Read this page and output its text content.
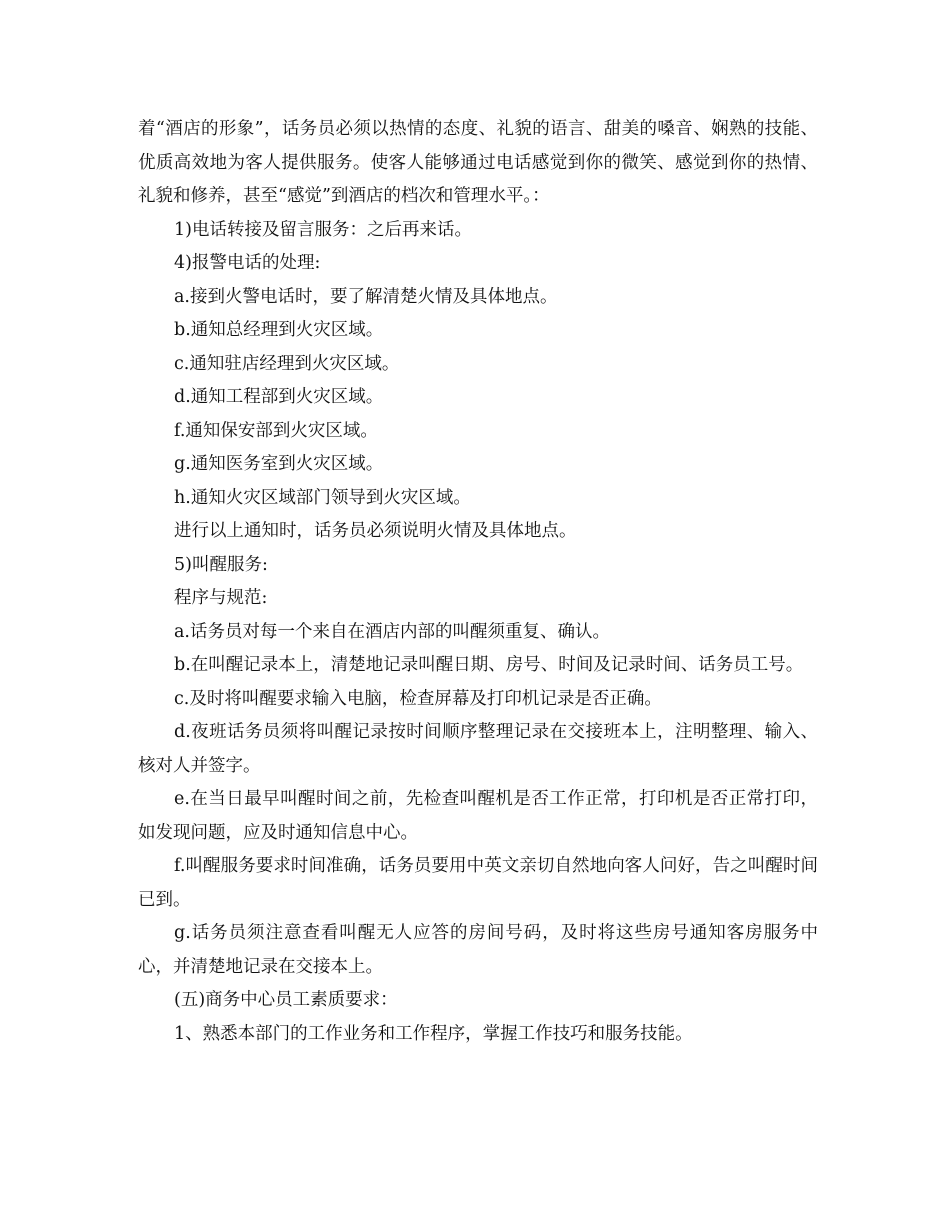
着“酒店的形象”，话务员必须以热情的态度、礼貌的语言、甜美的嗓音、娴熟的技能、优质高效地为客人提供服务。使客人能够通过电话感觉到你的微笑、感觉到你的热情、礼貌和修养，甚至“感觉”到酒店的档次和管理水平。：

1)电话转接及留言服务：之后再来话。

4)报警电话的处理:

a.接到火警电话时，要了解清楚火情及具体地点。

b.通知总经理到火灾区域。

c.通知驻店经理到火灾区域。

d.通知工程部到火灾区域。

f.通知保安部到火灾区域。

g.通知医务室到火灾区域。

h.通知火灾区域部门领导到火灾区域。

进行以上通知时，话务员必须说明火情及具体地点。

5)叫醒服务:

程序与规范:

a.话务员对每一个来自在酒店内部的叫醒须重复、确认。

b.在叫醒记录本上，清楚地记录叫醒日期、房号、时间及记录时间、话务员工号。

c.及时将叫醒要求输入电脑，检查屏幕及打印机记录是否正确。

d.夜班话务员须将叫醒记录按时间顺序整理记录在交接班本上，注明整理、输入、核对人并签字。

e.在当日最早叫醒时间之前，先检查叫醒机是否工作正常，打印机是否正常打印，如发现问题，应及时通知信息中心。

f.叫醒服务要求时间准确，话务员要用中英文亲切自然地向客人问好，告之叫醒时间已到。

g.话务员须注意查看叫醒无人应答的房间号码，及时将这些房号通知客房服务中心，并清楚地记录在交接本上。

(五)商务中心员工素质要求：

1、熟悉本部门的工作业务和工作程序，掌握工作技巧和服务技能。
